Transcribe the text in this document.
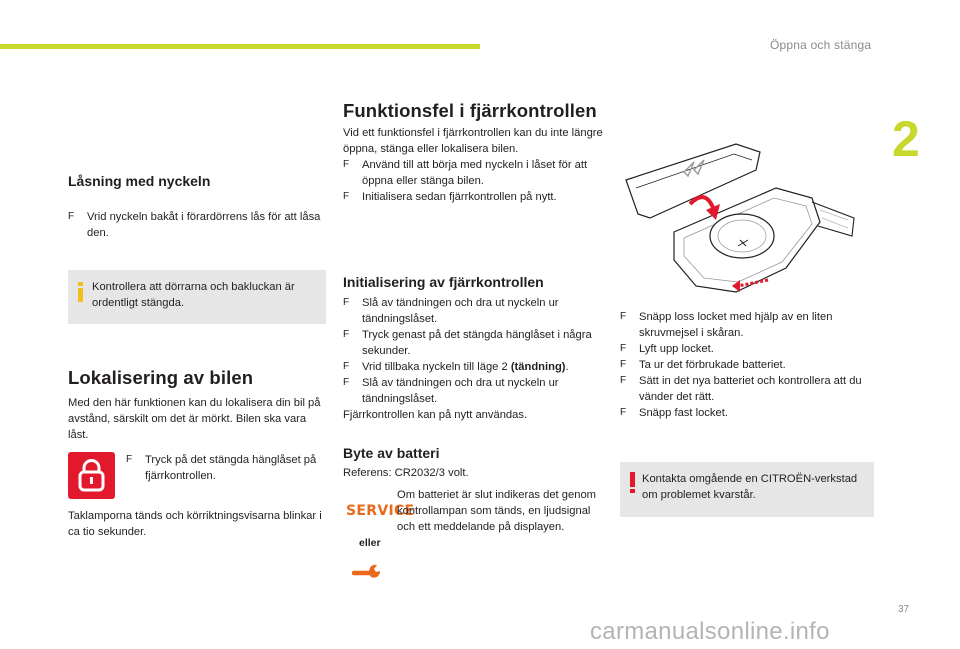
Öppna och stänga
2
37
Låsning med nyckeln
F Vrid nyckeln bakåt i förardörrens lås för att låsa den.
Kontrollera att dörrarna och bakluckan är ordentligt stängda.
Lokalisering av bilen
Med den här funktionen kan du lokalisera din bil på avstånd, särskilt om det är mörkt. Bilen ska vara låst.
F Tryck på det stängda hänglåset på fjärrkontrollen.
Taklamporna tänds och körriktningsvisarna blinkar i ca tio sekunder.
Funktionsfel i fjärrkontrollen
Vid ett funktionsfel i fjärrkontrollen kan du inte längre öppna, stänga eller lokalisera bilen.
F Använd till att börja med nyckeln i låset för att öppna eller stänga bilen.
F Initialisera sedan fjärrkontrollen på nytt.
Initialisering av fjärrkontrollen
F Slå av tändningen och dra ut nyckeln ur tändningslåset.
F Tryck genast på det stängda hänglåset i några sekunder.
F Vrid tillbaka nyckeln till läge 2 (tändning).
F Slå av tändningen och dra ut nyckeln ur tändningslåset.
Fjärrkontrollen kan på nytt användas.
Byte av batteri
Referens: CR2032/3 volt.
SERVICE
eller
Om batteriet är slut indikeras det genom kontrollampan som tänds, en ljudsignal och ett meddelande på displayen.
F Snäpp loss locket med hjälp av en liten skruvmejsel i skåran.
F Lyft upp locket.
F Ta ur det förbrukade batteriet.
F Sätt in det nya batteriet och kontrollera att du vänder det rätt.
F Snäpp fast locket.
Kontakta omgående en CITROËN-verkstad om problemet kvarstår.
carmanualsonline.info
